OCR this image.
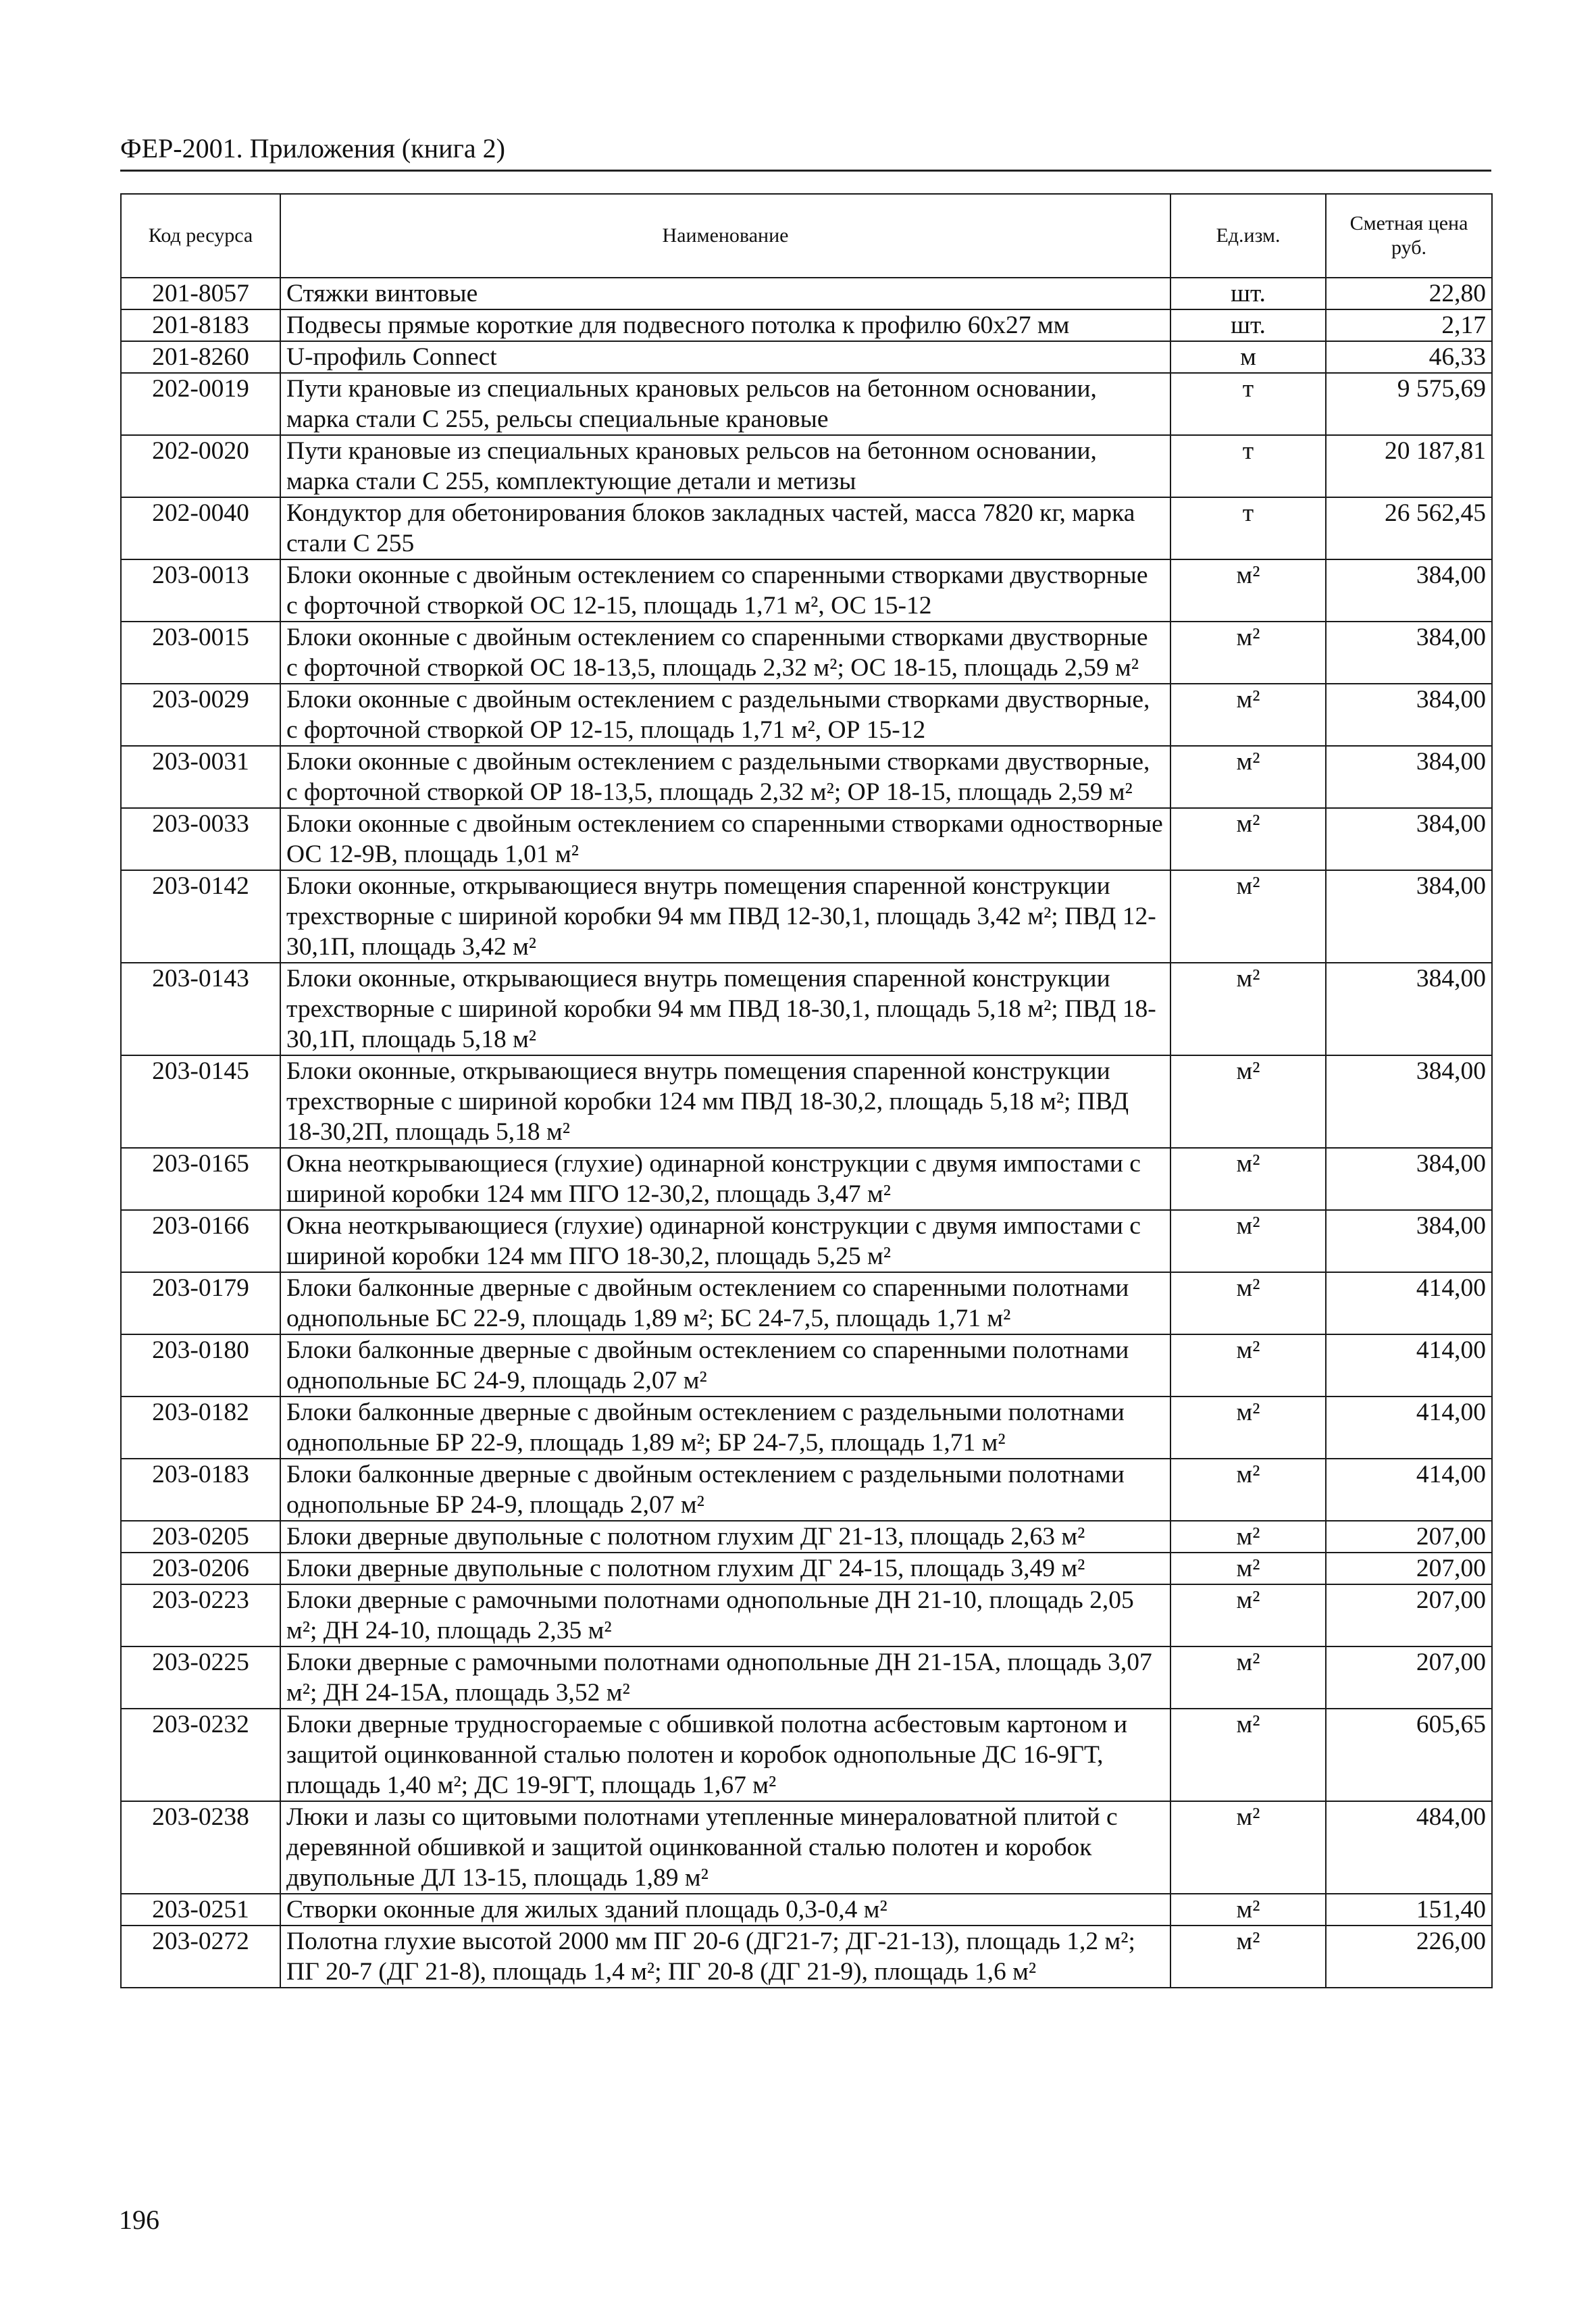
ФЕР-2001. Приложения (книга 2)
Код ресурса	Наименование	Ед.изм.	Сметная цена руб.
201-8057	Стяжки винтовые	шт.	22,80
201-8183	Подвесы прямые короткие для подвесного потолка к профилю 60х27 мм	шт.	2,17
201-8260	U-профиль Connect	м	46,33
202-0019	Пути крановые из специальных крановых рельсов на бетонном основании, марка стали С 255, рельсы специальные крановые	т	9 575,69
202-0020	Пути крановые из специальных крановых рельсов на бетонном основании, марка стали С 255, комплектующие детали и метизы	т	20 187,81
202-0040	Кондуктор для обетонирования блоков закладных частей, масса 7820 кг, марка стали С 255	т	26 562,45
203-0013	Блоки оконные с двойным остеклением со спаренными створками двустворные с форточной створкой ОС 12-15, площадь 1,71 м², ОС 15-12	м²	384,00
203-0015	Блоки оконные с двойным остеклением со спаренными створками двустворные с форточной створкой ОС 18-13,5, площадь 2,32 м²; ОС 18-15, площадь 2,59 м²	м²	384,00
203-0029	Блоки оконные с двойным остеклением с раздельными створками двустворные, с форточной створкой ОР 12-15, площадь 1,71 м², ОР 15-12	м²	384,00
203-0031	Блоки оконные с двойным остеклением с раздельными створками двустворные, с форточной створкой ОР 18-13,5, площадь 2,32 м²; ОР 18-15, площадь 2,59 м²	м²	384,00
203-0033	Блоки оконные с двойным остеклением со спаренными створками одностворные ОС 12-9В, площадь 1,01 м²	м²	384,00
203-0142	Блоки оконные, открывающиеся внутрь помещения спаренной конструкции трехстворные с шириной коробки 94 мм ПВД 12-30,1, площадь 3,42 м²; ПВД 12-30,1П, площадь 3,42 м²	м²	384,00
203-0143	Блоки оконные, открывающиеся внутрь помещения спаренной конструкции трехстворные с шириной коробки 94 мм ПВД 18-30,1, площадь 5,18 м²; ПВД 18-30,1П, площадь 5,18 м²	м²	384,00
203-0145	Блоки оконные, открывающиеся внутрь помещения спаренной конструкции трехстворные с шириной коробки 124 мм ПВД 18-30,2, площадь 5,18 м²; ПВД 18-30,2П, площадь 5,18 м²	м²	384,00
203-0165	Окна неоткрывающиеся (глухие) одинарной конструкции с двумя импостами с шириной коробки 124 мм ПГО 12-30,2, площадь 3,47 м²	м²	384,00
203-0166	Окна неоткрывающиеся (глухие) одинарной конструкции с двумя импостами с шириной коробки 124 мм ПГО 18-30,2, площадь 5,25 м²	м²	384,00
203-0179	Блоки балконные дверные с двойным остеклением со спаренными полотнами однопольные БС 22-9, площадь 1,89 м²; БС 24-7,5, площадь 1,71 м²	м²	414,00
203-0180	Блоки балконные дверные с двойным остеклением со спаренными полотнами однопольные БС 24-9, площадь 2,07 м²	м²	414,00
203-0182	Блоки балконные дверные с двойным остеклением с раздельными полотнами однопольные БР 22-9, площадь 1,89 м²; БР 24-7,5, площадь 1,71 м²	м²	414,00
203-0183	Блоки балконные дверные с двойным остеклением с раздельными полотнами однопольные БР 24-9, площадь 2,07 м²	м²	414,00
203-0205	Блоки дверные двупольные с полотном глухим ДГ 21-13, площадь 2,63 м²	м²	207,00
203-0206	Блоки дверные двупольные с полотном глухим ДГ 24-15, площадь 3,49 м²	м²	207,00
203-0223	Блоки дверные с рамочными полотнами однопольные ДН 21-10, площадь 2,05 м²; ДН 24-10, площадь 2,35 м²	м²	207,00
203-0225	Блоки дверные с рамочными полотнами однопольные ДН 21-15А, площадь 3,07 м²; ДН 24-15А, площадь 3,52 м²	м²	207,00
203-0232	Блоки дверные трудносгораемые с обшивкой полотна асбестовым картоном и защитой оцинкованной сталью полотен и коробок однопольные ДС 16-9ГТ, площадь 1,40 м²; ДС 19-9ГТ, площадь 1,67 м²	м²	605,65
203-0238	Люки и лазы со щитовыми полотнами утепленные минераловатной плитой с деревянной обшивкой и защитой оцинкованной сталью полотен и коробок двупольные ДЛ 13-15, площадь 1,89 м²	м²	484,00
203-0251	Створки оконные для жилых зданий площадь 0,3-0,4 м²	м²	151,40
203-0272	Полотна глухие высотой 2000 мм ПГ 20-6 (ДГ21-7; ДГ-21-13), площадь 1,2 м²; ПГ 20-7 (ДГ 21-8), площадь 1,4 м²; ПГ 20-8 (ДГ 21-9), площадь 1,6 м²	м²	226,00
196
